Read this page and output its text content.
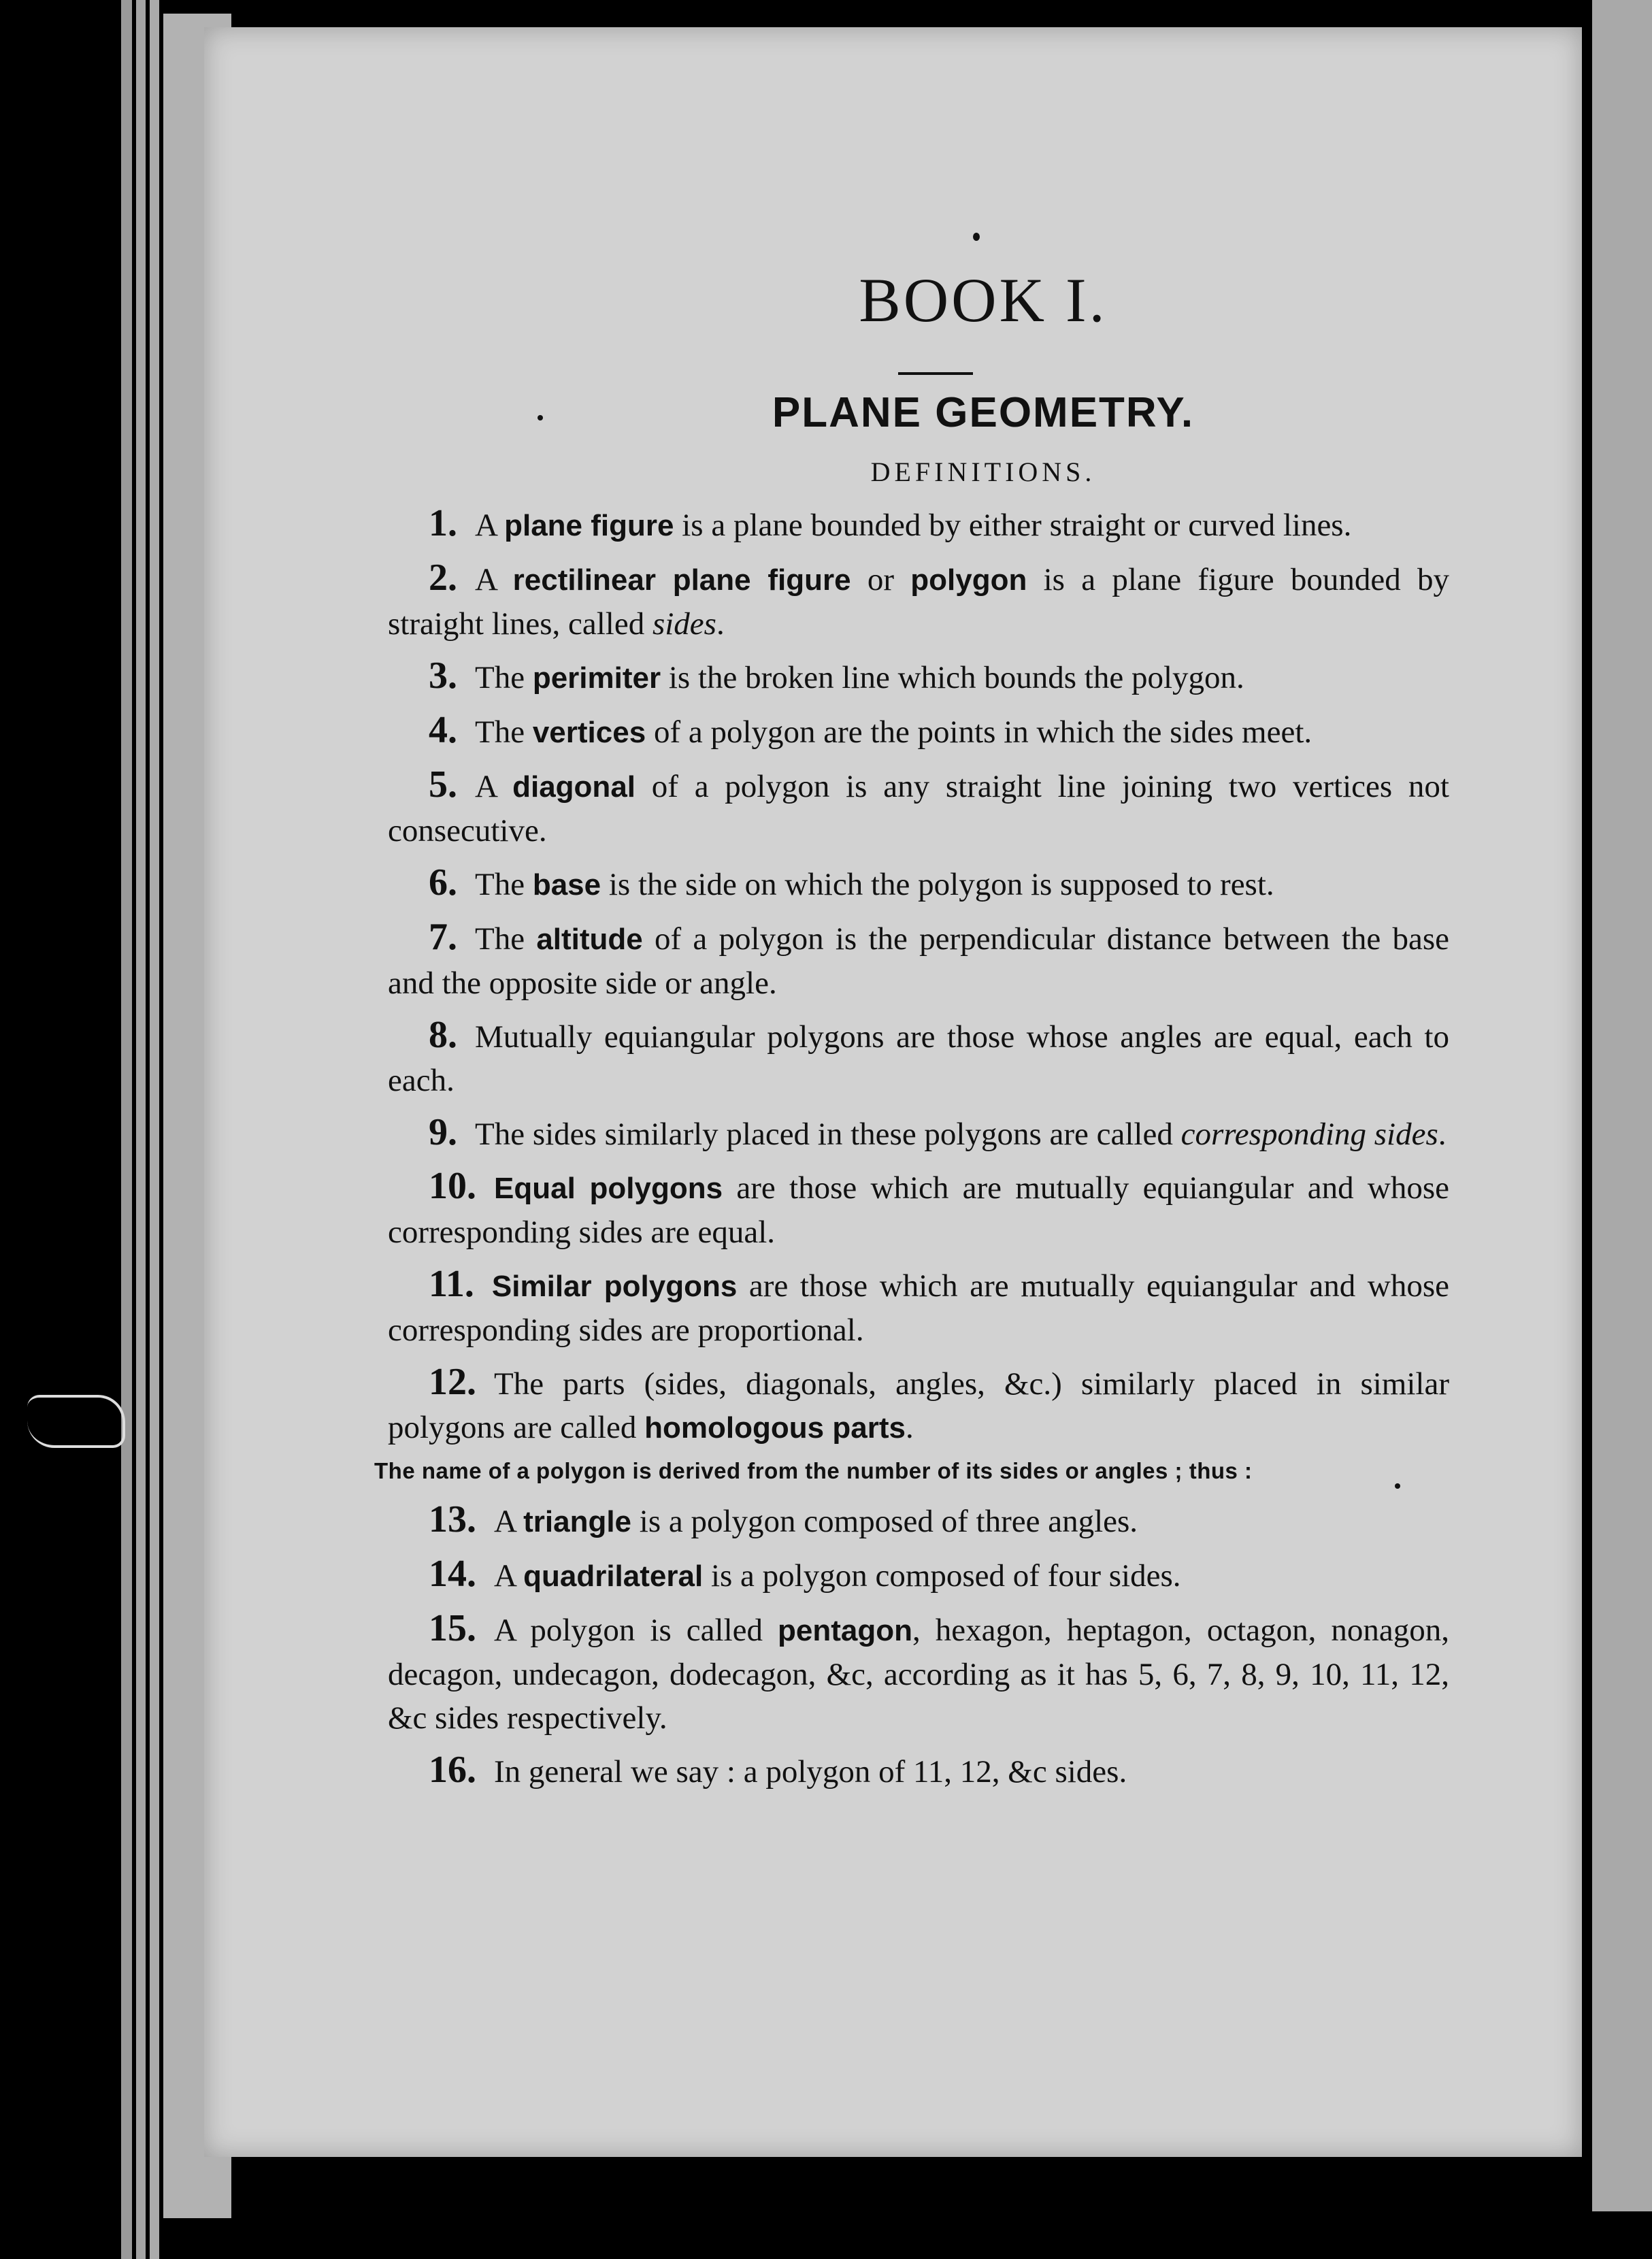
BOOK I.
PLANE GEOMETRY.
DEFINITIONS.
1. A plane figure is a plane bounded by either straight or curved lines.
2. A rectilinear plane figure or polygon is a plane figure bounded by straight lines, called sides.
3. The perimiter is the broken line which bounds the polygon.
4. The vertices of a polygon are the points in which the sides meet.
5. A diagonal of a polygon is any straight line joining two vertices not consecutive.
6. The base is the side on which the polygon is supposed to rest.
7. The altitude of a polygon is the perpendicular distance between the base and the opposite side or angle.
8. Mutually equiangular polygons are those whose angles are equal, each to each.
9. The sides similarly placed in these polygons are called corresponding sides.
10. Equal polygons are those which are mutually equiangular and whose corresponding sides are equal.
11. Similar polygons are those which are mutually equiangular and whose corresponding sides are proportional.
12. The parts (sides, diagonals, angles, &c.) similarly placed in similar polygons are called homologous parts.
The name of a polygon is derived from the number of its sides or angles ; thus :
13. A triangle is a polygon composed of three angles.
14. A quadrilateral is a polygon composed of four sides.
15. A polygon is called pentagon, hexagon, heptagon, octagon, nonagon, decagon, undecagon, dodecagon, &c, according as it has 5, 6, 7, 8, 9, 10, 11, 12, &c sides respectively.
16. In general we say : a polygon of 11, 12, &c sides.
